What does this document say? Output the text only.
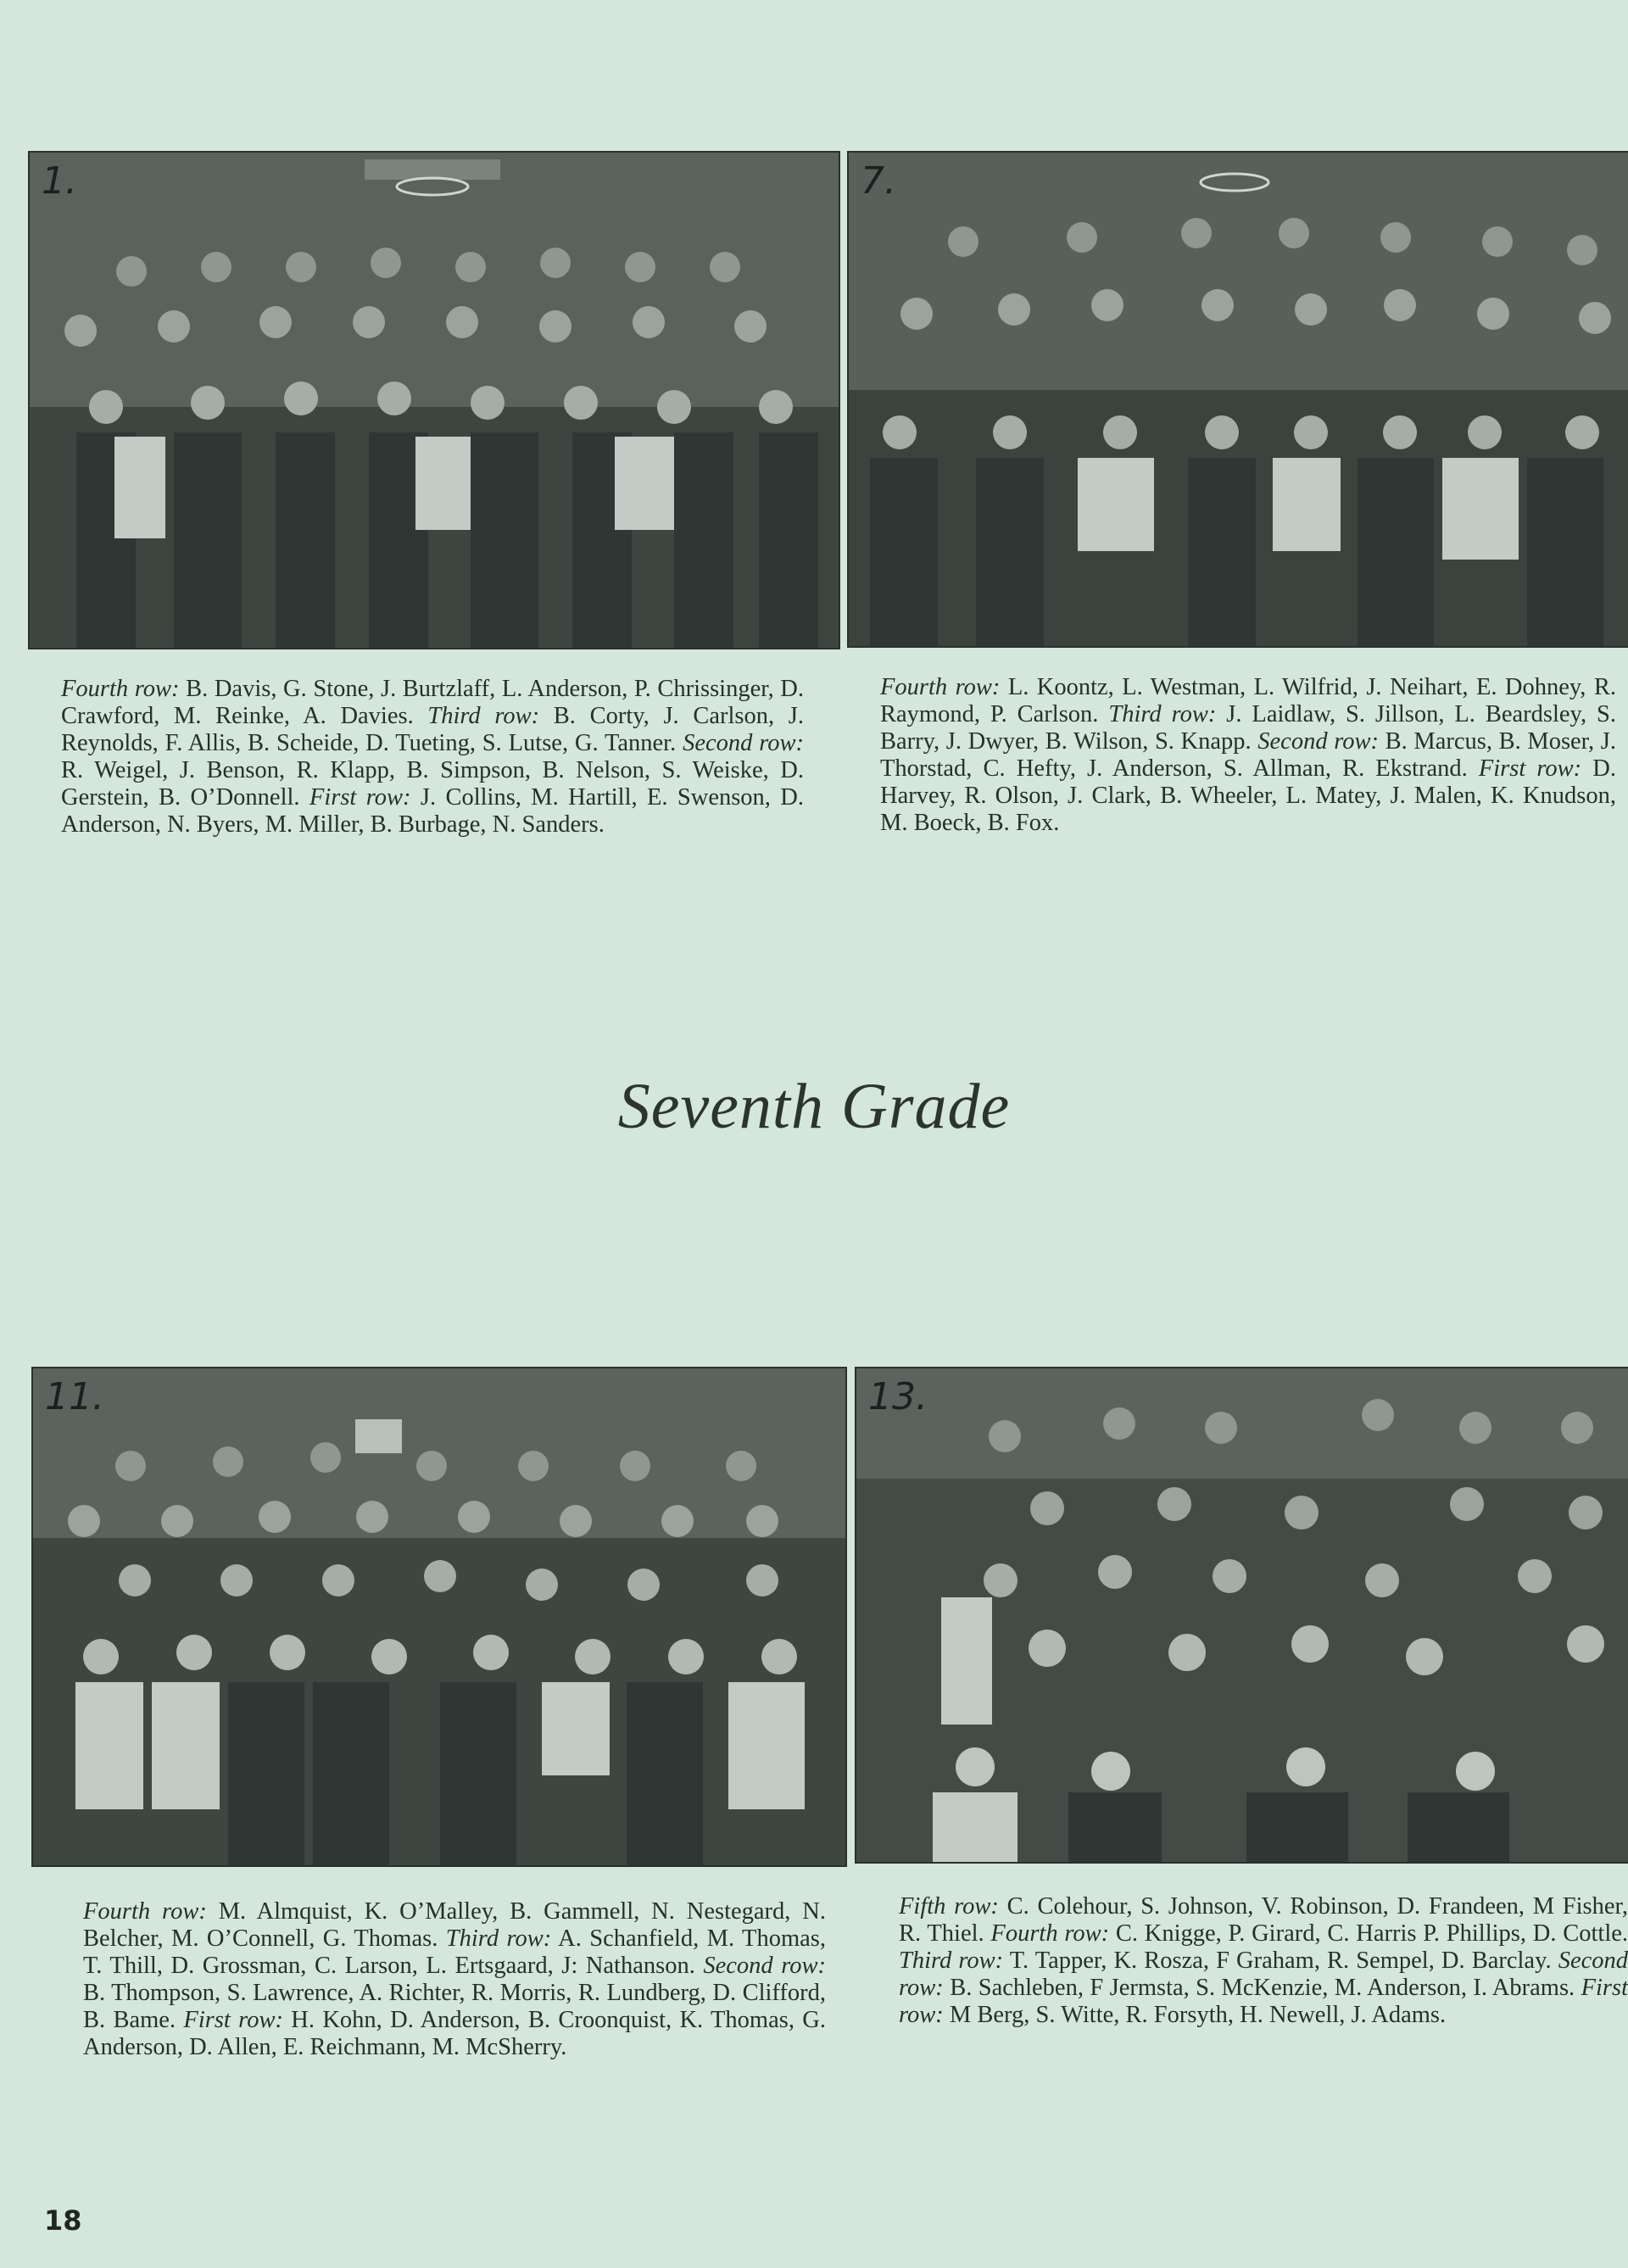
1.
Fourth row: B. Davis, G. Stone, J. Burtzlaff, L. Anderson, P. Chrissinger, D. Crawford, M. Reinke, A. Davies. Third row: B. Corty, J. Carlson, J. Reynolds, F. Allis, B. Scheide, D. Tueting, S. Lutse, G. Tanner. Second row: R. Weigel, J. Benson, R. Klapp, B. Simpson, B. Nelson, S. Weiske, D. Gerstein, B. O’Donnell. First row: J. Collins, M. Hartill, E. Swenson, D. Anderson, N. Byers, M. Miller, B. Burbage, N. Sanders.
7.
Fourth row: L. Koontz, L. Westman, L. Wilfrid, J. Neihart, E. Dohney, R. Raymond, P. Carlson. Third row: J. Laidlaw, S. Jillson, L. Beardsley, S. Barry, J. Dwyer, B. Wilson, S. Knapp. Second row: B. Marcus, B. Moser, J. Thorstad, C. Hefty, J. Anderson, S. Allman, R. Ekstrand. First row: D. Harvey, R. Olson, J. Clark, B. Wheeler, L. Matey, J. Malen, K. Knudson, M. Boeck, B. Fox.
Seventh Grade
11.
Fourth row: M. Almquist, K. O’Malley, B. Gammell, N. Nestegard, N. Belcher, M. O’Connell, G. Thomas. Third row: A. Schanfield, M. Thomas, T. Thill, D. Grossman, C. Larson, L. Ertsgaard, J: Nathanson. Second row: B. Thompson, S. Lawrence, A. Richter, R. Morris, R. Lundberg, D. Clifford, B. Bame. First row: H. Kohn, D. Anderson, B. Croonquist, K. Thomas, G. Anderson, D. Allen, E. Reichmann, M. McSherry.
13.
Fifth row: C. Colehour, S. Johnson, V. Robinson, D. Frandeen, M Fisher, R. Thiel. Fourth row: C. Knigge, P. Girard, C. Harris P. Phillips, D. Cottle. Third row: T. Tapper, K. Rosza, F Graham, R. Sempel, D. Barclay. Second row: B. Sachleben, F Jermsta, S. McKenzie, M. Anderson, I. Abrams. First row: M Berg, S. Witte, R. Forsyth, H. Newell, J. Adams.
18
